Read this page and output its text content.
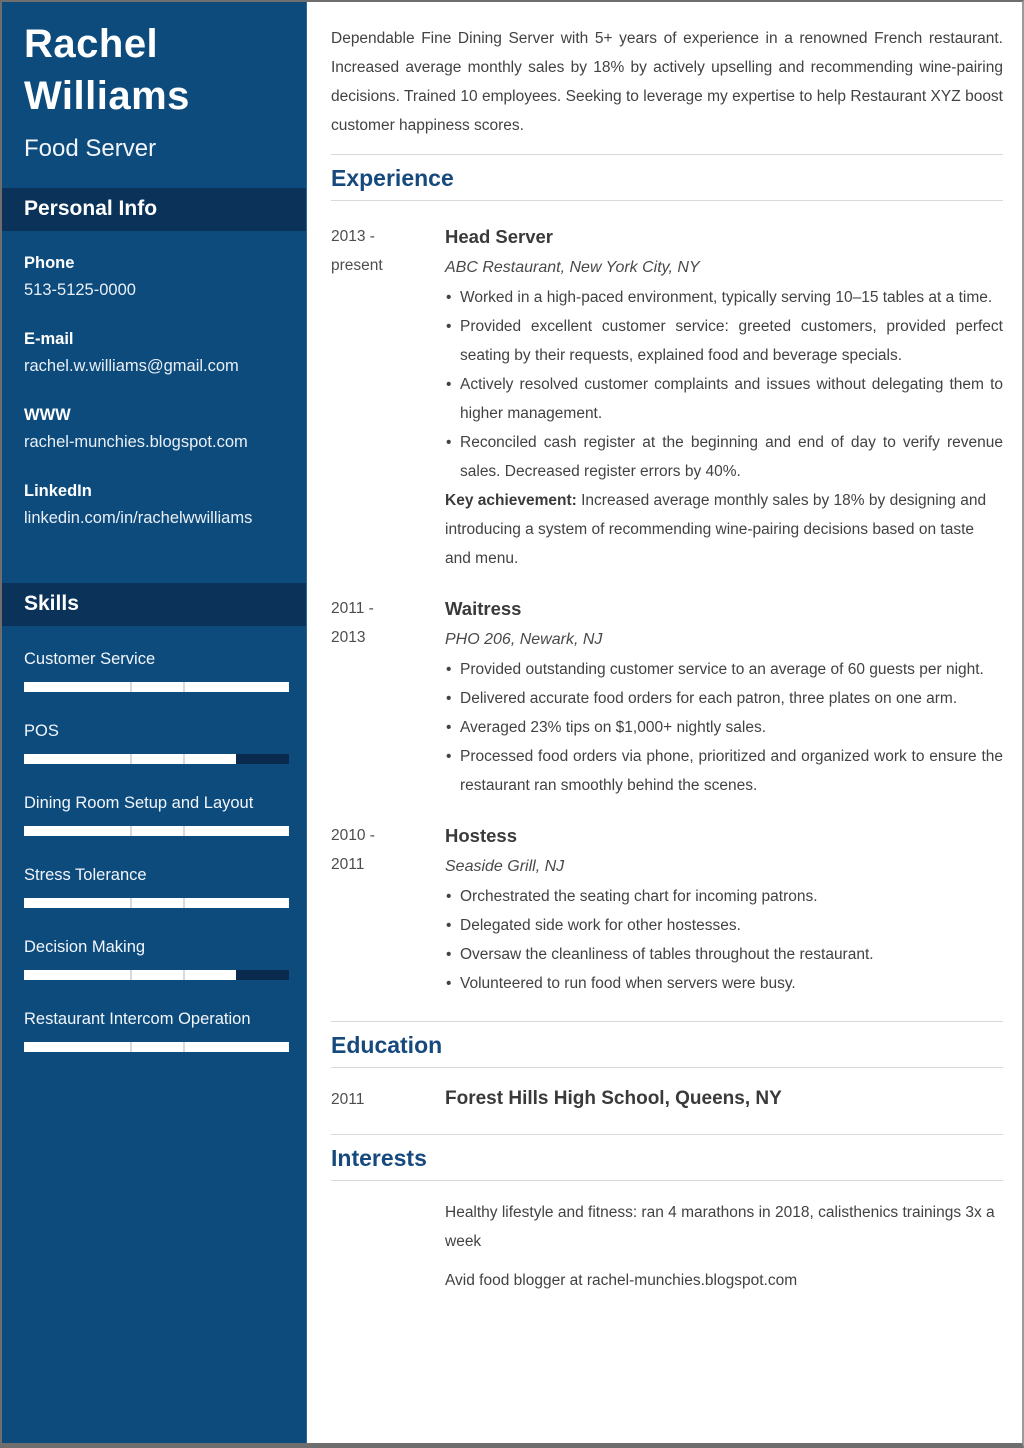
Rachel
Williams
Food Server
Personal Info
Phone
513-5125-0000
E-mail
rachel.w.williams@gmail.com
WWW
rachel-munchies.blogspot.com
LinkedIn
linkedin.com/in/rachelwwilliams
Skills
Customer Service
POS
Dining Room Setup and Layout
Stress Tolerance
Decision Making
Restaurant Intercom Operation

Dependable Fine Dining Server with 5+ years of experience in a renowned French restaurant. Increased average monthly sales by 18% by actively upselling and recommending wine-pairing decisions. Trained 10 employees. Seeking to leverage my expertise to help Restaurant XYZ boost customer happiness scores.

Experience
2013 -
present
Head Server
ABC Restaurant, New York City, NY
• Worked in a high-paced environment, typically serving 10–15 tables at a time.
• Provided excellent customer service: greeted customers, provided perfect seating by their requests, explained food and beverage specials.
• Actively resolved customer complaints and issues without delegating them to higher management.
• Reconciled cash register at the beginning and end of day to verify revenue sales. Decreased register errors by 40%.

Key achievement: Increased average monthly sales by 18% by designing and introducing a system of recommending wine-pairing decisions based on taste and menu.

2011 -
2013
Waitress
PHO 206, Newark, NJ
• Provided outstanding customer service to an average of 60 guests per night.
• Delivered accurate food orders for each patron, three plates on one arm.
• Averaged 23% tips on $1,000+ nightly sales.
• Processed food orders via phone, prioritized and organized work to ensure the restaurant ran smoothly behind the scenes.
2010 -
2011
Hostess
Seaside Grill, NJ
• Orchestrated the seating chart for incoming patrons.
• Delegated side work for other hostesses.
• Oversaw the cleanliness of tables throughout the restaurant.
• Volunteered to run food when servers were busy.
Education
2011	Forest Hills High School, Queens, NY
Interests

Healthy lifestyle and fitness: ran 4 marathons in 2018, calisthenics trainings 3x a week

Avid food blogger at rachel-munchies.blogspot.com
